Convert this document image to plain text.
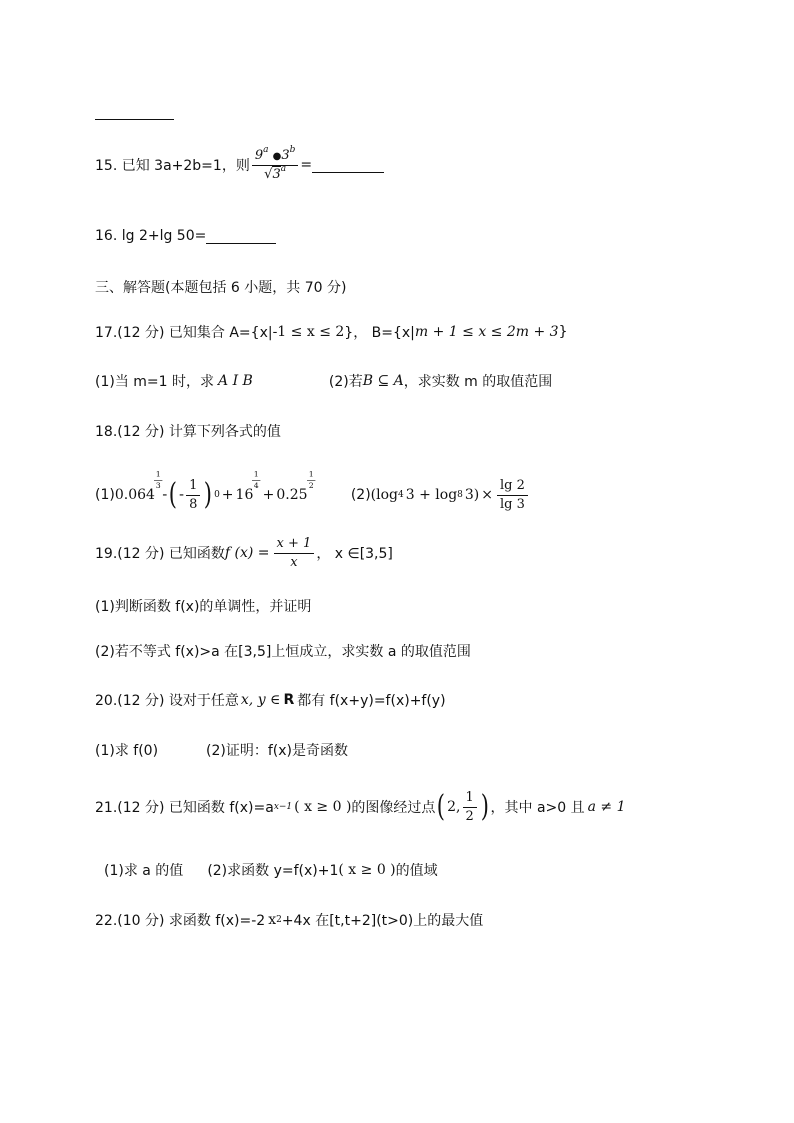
15. 已知 3a+2b=1，则 $\frac{9^a ●3^b}{√3^a}$ =
16. lg 2+lg 50=
三、解答题(本题包括 6 小题，共 70 分)
17.(12 分) 已知集合 A={x| -1 ≤ x ≤ 2 }， B={x| m + 1 ≤ x ≤ 2m + 3 }
(1)当 m=1 时，求 A I B	(2)若 B ⊆ A ，求实数 m 的取值范围
18.(12 分) 计算下列各式的值
(1) 0.064
$\frac{1}{3}$
- ( - $\frac{1}{8}$ ) 0 + 16
$\frac{1}{4}$
+ 0.25
$\frac{1}{2}$
(2) (log 4 3 + log 8 $3) \times \frac{\lg 2}{\lg 3}$
19.(12 分) 已知函数 f $(x) = \frac{x + 1}{x}$ ， x ∈[3,5]
(1)判断函数 f(x)的单调性，并证明
(2)若不等式 f(x)>a 在[3,5]上恒成立，求实数 a 的取值范围
20.(12 分) 设对于任意 x, y ∈ R 都有 f(x+y)=f(x)+f(y)
(1)求 f(0)	(2)证明：f(x)是奇函数
21.(12 分) 已知函数 f(x)=a x−1 ( x ≥ 0 ) 的图像经过点 ( 2, $\frac{1}{2}$ ) ，其中 a>0 且 a ≠ 1
(1)求 a 的值 (2)求函数 y=f(x)+1 ( x ≥ 0 ) 的值域
22.(10 分) 求函数 f(x)=-2 x 2 +4x 在[t,t+2](t>0)上的最大值
